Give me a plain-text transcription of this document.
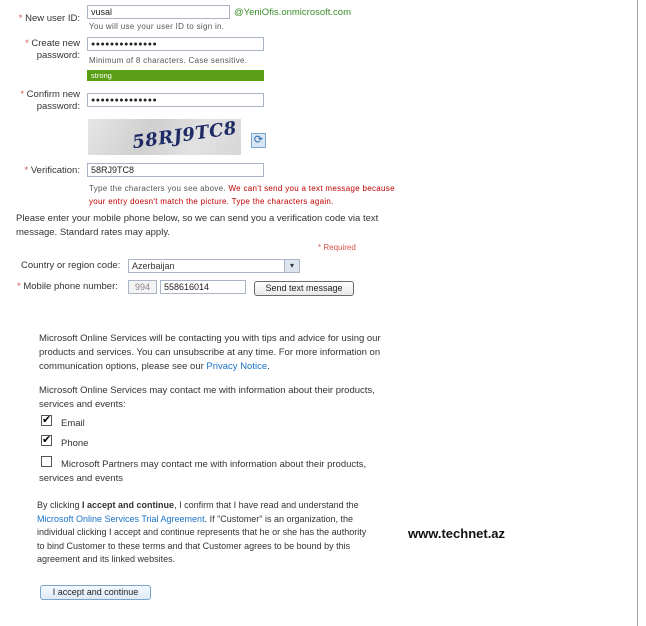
* New user ID:
vusal	@YeniOfis.onmicrosoft.com
You will use your user ID to sign in.
* Create new
password:
●●●●●●●●●●●●●●
Minimum of 8 characters. Case sensitive.
strong
* Confirm new
password:
●●●●●●●●●●●●●●
58RJ9TC8 ⟳
* Verification:	58RJ9TC8
Type the characters you see above. We can't send you a text message because
your entry doesn't match the picture. Type the characters again.
Please enter your mobile phone below, so we can send you a verification code via text
message. Standard rates may apply.
* Required
Country or region code:	Azerbaijan	▾
* Mobile phone number:	994	558616014	Send text message
Microsoft Online Services will be contacting you with tips and advice for using our
products and services. You can unsubscribe at any time. For more information on
communication options, please see our Privacy Notice.
Microsoft Online Services may contact me with information about their products,
services and events:
✔ Email
✔ Phone
Microsoft Partners may contact me with information about their products,
services and events
By clicking I accept and continue, I confirm that I have read and understand the
Microsoft Online Services Trial Agreement. If "Customer" is an organization, the
individual clicking I accept and continue represents that he or she has the authority
to bind Customer to these terms and that Customer agrees to be bound by this
agreement and its linked websites.
I accept and continue
www.technet.az
